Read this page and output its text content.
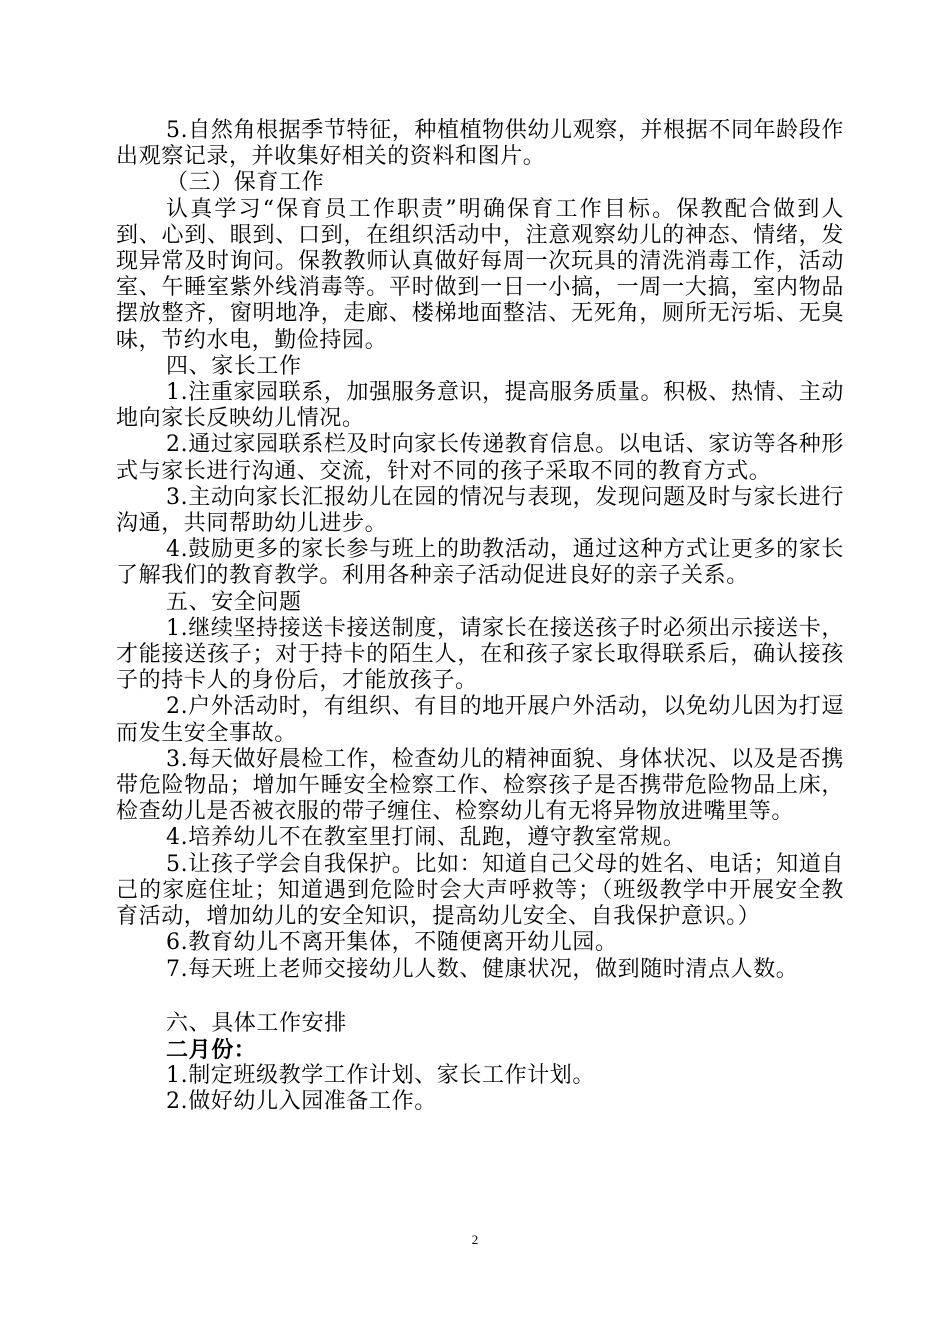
5.自然角根据季节特征，种植植物供幼儿观察，并根据不同年龄段作出观察记录，并收集好相关的资料和图片。

（三）保育工作

认真学习“保育员工作职责”明确保育工作目标。保教配合做到人到、心到、眼到、口到，在组织活动中，注意观察幼儿的神态、情绪，发现异常及时询问。保教教师认真做好每周一次玩具的清洗消毒工作，活动室、午睡室紫外线消毒等。平时做到一日一小搞，一周一大搞，室内物品摆放整齐，窗明地净，走廊、楼梯地面整洁、无死角，厕所无污垢、无臭味，节约水电，勤俭持园。

四、家长工作

1.注重家园联系，加强服务意识，提高服务质量。积极、热情、主动地向家长反映幼儿情况。

2.通过家园联系栏及时向家长传递教育信息。以电话、家访等各种形式与家长进行沟通、交流，针对不同的孩子采取不同的教育方式。

3.主动向家长汇报幼儿在园的情况与表现，发现问题及时与家长进行沟通，共同帮助幼儿进步。

4.鼓励更多的家长参与班上的助教活动，通过这种方式让更多的家长了解我们的教育教学。利用各种亲子活动促进良好的亲子关系。

五、安全问题

1.继续坚持接送卡接送制度，请家长在接送孩子时必须出示接送卡，才能接送孩子；对于持卡的陌生人，在和孩子家长取得联系后，确认接孩子的持卡人的身份后，才能放孩子。

2.户外活动时，有组织、有目的地开展户外活动，以免幼儿因为打逗而发生安全事故。

3.每天做好晨检工作，检查幼儿的精神面貌、身体状况、以及是否携带危险物品；增加午睡安全检察工作、检察孩子是否携带危险物品上床，检查幼儿是否被衣服的带子缠住、检察幼儿有无将异物放进嘴里等。

4.培养幼儿不在教室里打闹、乱跑，遵守教室常规。

5.让孩子学会自我保护。比如：知道自己父母的姓名、电话；知道自己的家庭住址；知道遇到危险时会大声呼救等；（班级教学中开展安全教育活动，增加幼儿的安全知识，提高幼儿安全、自我保护意识。）

6.教育幼儿不离开集体，不随便离开幼儿园。

7.每天班上老师交接幼儿人数、健康状况，做到随时清点人数。

六、具体工作安排

二月份：

1.制定班级教学工作计划、家长工作计划。

2.做好幼儿入园准备工作。

2
